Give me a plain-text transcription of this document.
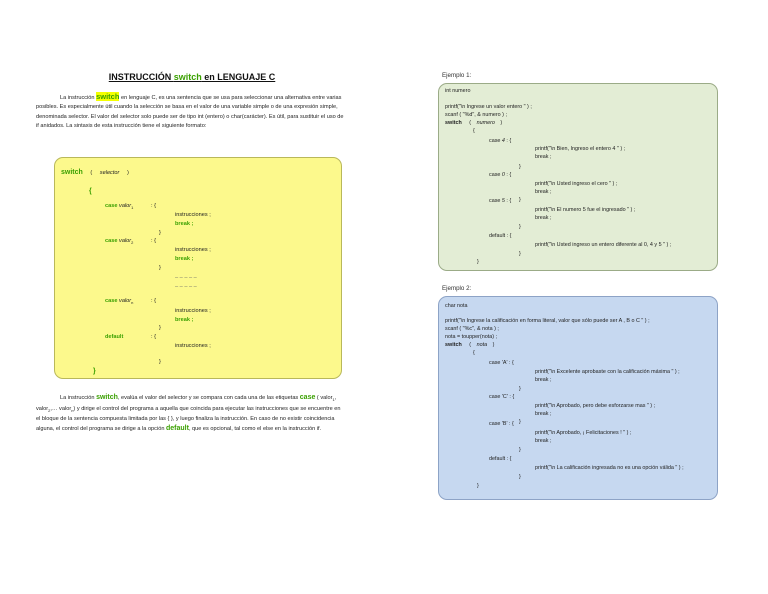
INSTRUCCIÓN switch en LENGUAJE C
La instrucción switch en lenguaje C, es una sentencia que se usa para seleccionar una alternativa entre varias posibles. Es especialmente útil cuando la selección se basa en el valor de una variable simple o de una expresión simple, denominada selector. El valor del selector solo puede ser de tipo int (entero) o char(carácter). Es útil, para sustituir el uso de if anidados. La sintaxis de esta instrucción tiene el siguiente formato:
switch ( selector )
{
case valor$_1$	: {
instrucciones ;
break ;
}
case valor$_2$	: {
instrucciones ;
break ;
}
– – – – –
– – – – –
case valor$_n$	: {
instrucciones ;
break ;
}
default	: {
instrucciones ;
}
}
La instrucción switch, evalúa el valor del selector y se compara con cada una de las etiquetas case ( valor$_1$, valor$_2$,… valor$_n$) y dirige el control del programa a aquella que coincida para ejecutar las instrucciones que se encuentre en el bloque de la sentencia compuesta limitada por las { }, y luego finaliza la instrucción. En caso de no existir coincidencia alguna, el control del programa se dirige a la opción default, que es opcional, tal como el else en la instrucción if.
Ejemplo 1:
int numero
printf("\n Ingrese un valor entero " ) ;
scanf ( "%d", & numero ) ;
switch ( numero )
{
case 4 : {
printf("\n Bien, Ingreso el entero 4 " ) ;
break ;
}
case 0 : {
printf("\n Usted ingreso el cero " ) ;
break ;
}
case 5 : {
printf("\n El numero 5 fue el ingresado " ) ;
break ;
}
default : {
printf("\n Usted ingreso un entero diferente al 0, 4 y 5 " ) ;
}
}
Ejemplo 2:
char nota
printf("\n Ingrese la calificación en forma literal, valor que sólo puede ser A , B o C " ) ;
scanf ( "%c", & nota ) ;
nota = toupper(nota) ;
switch ( nota )
{
case 'A' : {
printf("\n Excelente aprobaste con la calificación máxima " ) ;
break ;
}
case 'C' : {
printf("\n Aprobado, pero debe esforzarse mas " ) ;
break ;
}
case 'B' : {
printf("\n Aprobado, ¡ Felicitaciones ! " ) ;
break ;
}
default : {
printf("\n La calificación ingresada no es una opción válida " ) ;
}
}
